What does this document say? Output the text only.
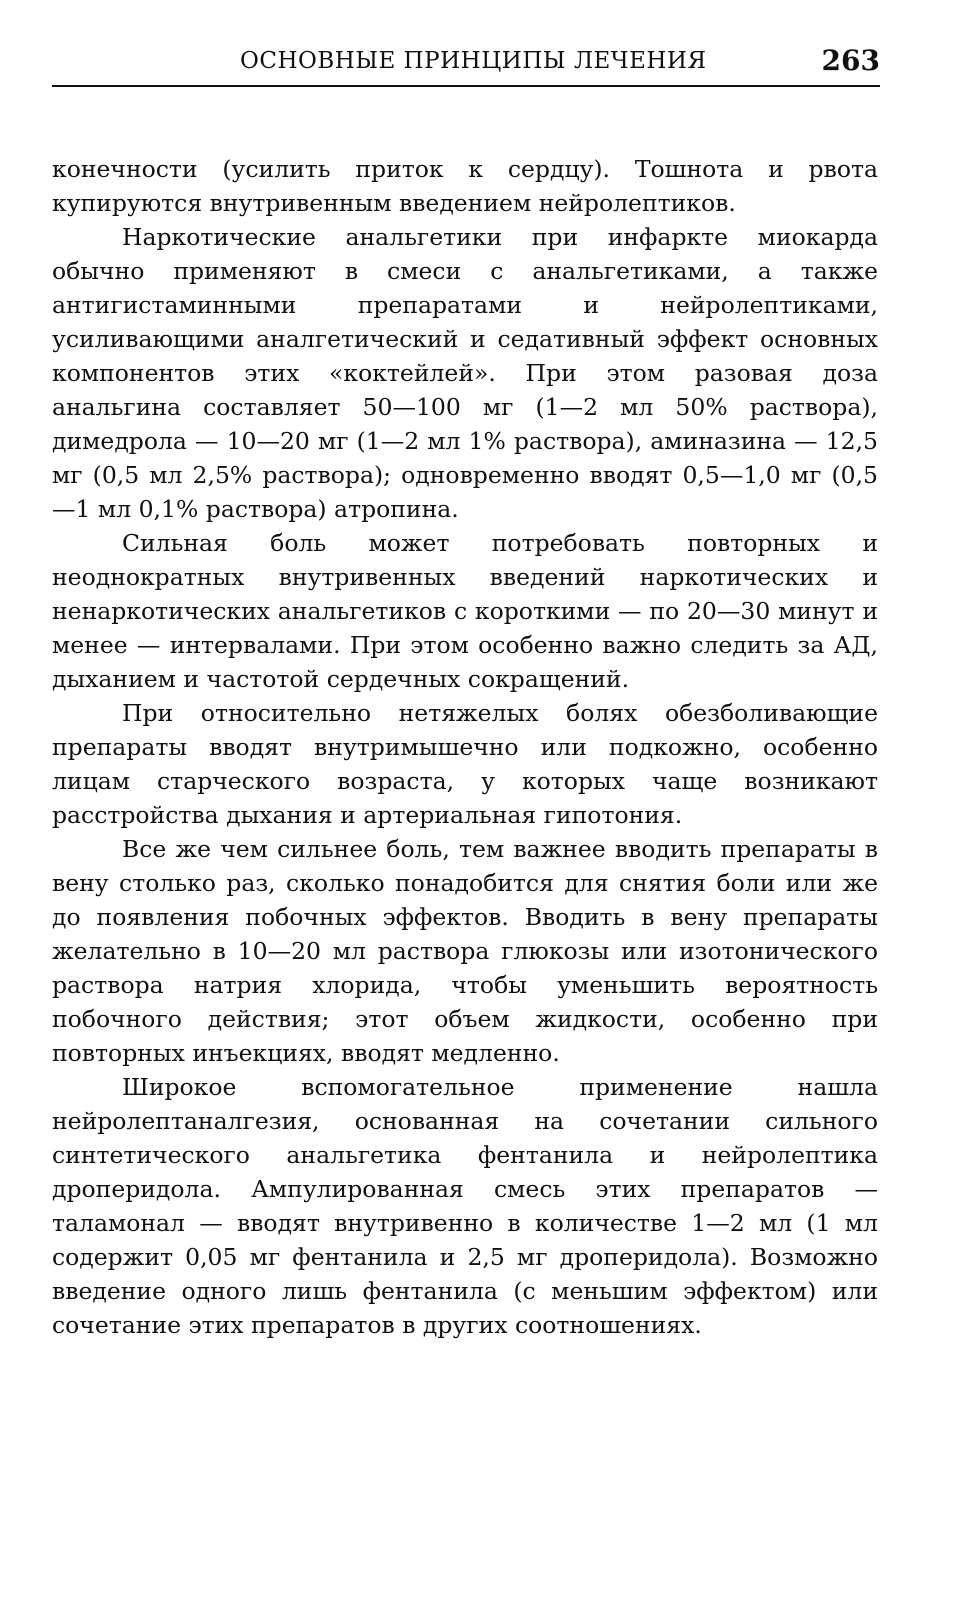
ОСНОВНЫЕ ПРИНЦИПЫ ЛЕЧЕНИЯ	263

конечности (усилить приток к сердцу). Тошнота и рвота купируются внутривенным введением нейролептиков.

Наркотические анальгетики при инфаркте миокарда обычно применяют в смеси с анальгетиками, а также антигистаминными препаратами и нейролептиками, усиливающими аналгетический и седативный эффект основных компонентов этих «коктейлей». При этом разовая доза анальгина составляет 50—100 мг (1—2 мл 50% раствора), димедрола — 10—20 мг (1—2 мл 1% раствора), аминазина — 12,5 мг (0,5 мл 2,5% раствора); одновременно вводят 0,5—1,0 мг (0,5—1 мл 0,1% раствора) атропина.

Сильная боль может потребовать повторных и неоднократных внутривенных введений наркотических и ненаркотических анальгетиков с короткими — по 20—30 минут и менее — интервалами. При этом особенно важно следить за АД, дыханием и частотой сердечных сокращений.

При относительно нетяжелых болях обезболивающие препараты вводят внутримышечно или подкожно, особенно лицам старческого возраста, у которых чаще возникают расстройства дыхания и артериальная гипотония.

Все же чем сильнее боль, тем важнее вводить препараты в вену столько раз, сколько понадобится для снятия боли или же до появления побочных эффектов. Вводить в вену препараты желательно в 10—20 мл раствора глюкозы или изотонического раствора натрия хлорида, чтобы уменьшить вероятность побочного действия; этот объем жидкости, особенно при повторных инъекциях, вводят медленно.

Широкое вспомогательное применение нашла нейролептаналгезия, основанная на сочетании сильного синтетического анальгетика фентанила и нейролептика дроперидола. Ампулированная смесь этих препаратов — таламонал — вводят внутривенно в количестве 1—2 мл (1 мл содержит 0,05 мг фентанила и 2,5 мг дроперидола). Возможно введение одного лишь фентанила (с меньшим эффектом) или сочетание этих препаратов в других соотношениях.
